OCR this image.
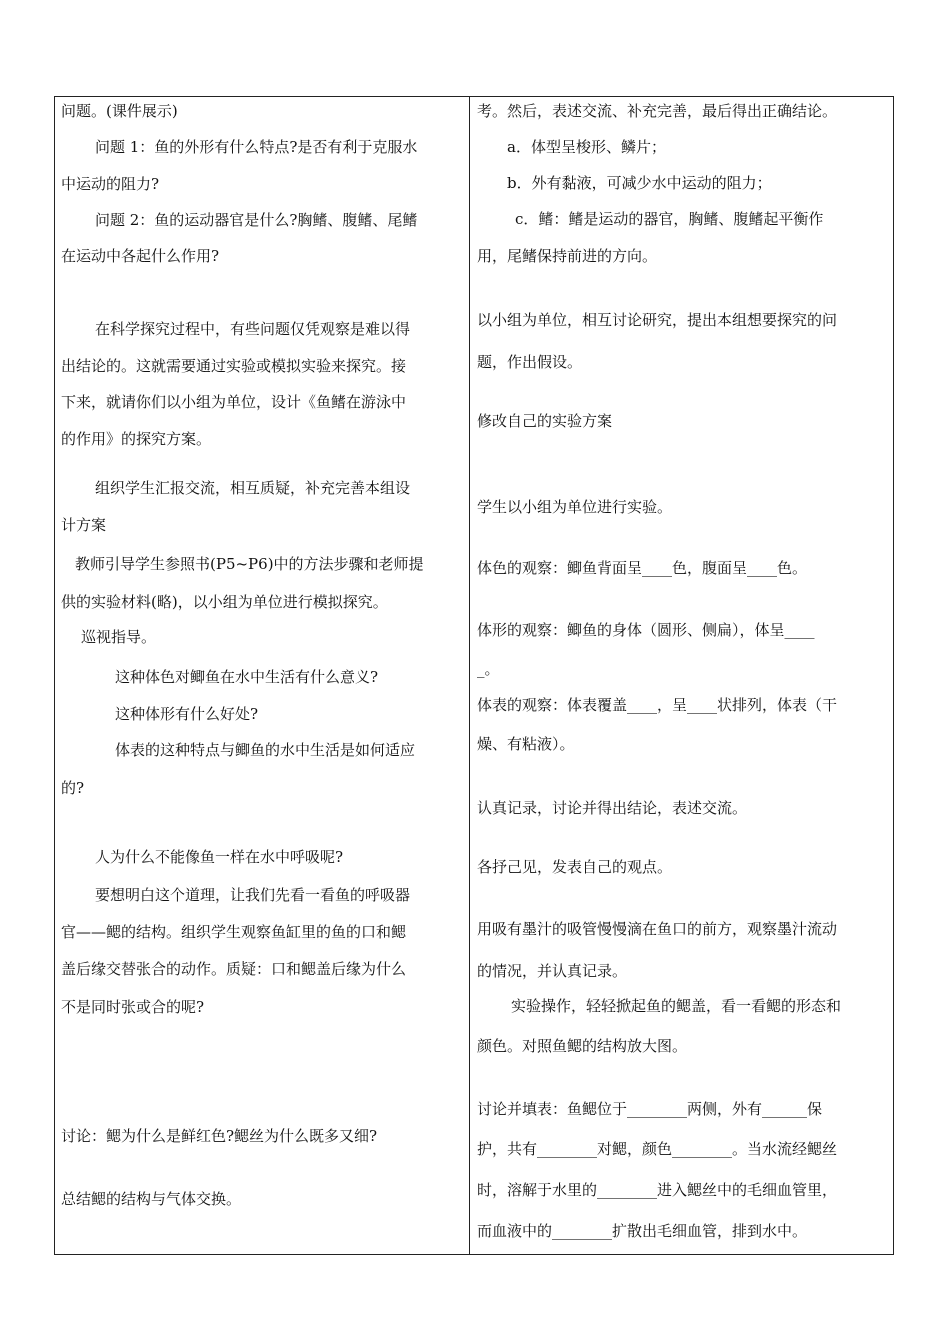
问题。(课件展示)
问题 1：鱼的外形有什么特点?是否有利于克服水
中运动的阻力?
问题 2：鱼的运动器官是什么?胸鳍、腹鳍、尾鳍
在运动中各起什么作用?
在科学探究过程中，有些问题仅凭观察是难以得
出结论的。这就需要通过实验或模拟实验来探究。接
下来，就请你们以小组为单位，设计《鱼鳍在游泳中
的作用》的探究方案。
组织学生汇报交流，相互质疑，补充完善本组设
计方案
教师引导学生参照书(P5~P6)中的方法步骤和老师提
供的实验材料(略)，以小组为单位进行模拟探究。
巡视指导。
这种体色对鲫鱼在水中生活有什么意义?
这种体形有什么好处?
体表的这种特点与鲫鱼的水中生活是如何适应
的?
人为什么不能像鱼一样在水中呼吸呢?
要想明白这个道理，让我们先看一看鱼的呼吸器
官——鳃的结构。组织学生观察鱼缸里的鱼的口和鳃
盖后缘交替张合的动作。质疑：口和鳃盖后缘为什么
不是同时张或合的呢?
讨论：鳃为什么是鲜红色?鳃丝为什么既多又细?
总结鳃的结构与气体交换。
考。然后，表述交流、补充完善，最后得出正确结论。
a．体型呈梭形、鳞片；
b．外有黏液，可减少水中运动的阻力；
c．鳍：鳍是运动的器官，胸鳍、腹鳍起平衡作
用，尾鳍保持前进的方向。
以小组为单位，相互讨论研究，提出本组想要探究的问
题，作出假设。
修改自己的实验方案
学生以小组为单位进行实验。
体色的观察：鲫鱼背面呈____色，腹面呈____色。
体形的观察：鲫鱼的身体（圆形、侧扁），体呈____
_。
体表的观察：体表覆盖____，呈____状排列，体表（干
燥、有粘液）。
认真记录，讨论并得出结论，表述交流。
各抒己见，发表自己的观点。
用吸有墨汁的吸管慢慢滴在鱼口的前方，观察墨汁流动
的情况，并认真记录。
实验操作，轻轻掀起鱼的鳃盖，看一看鳃的形态和
颜色。对照鱼鳃的结构放大图。
讨论并填表：鱼鳃位于________两侧，外有______保
护，共有________对鳃，颜色________。当水流经鳃丝
时，溶解于水里的________进入鳃丝中的毛细血管里，
而血液中的________扩散出毛细血管，排到水中。
